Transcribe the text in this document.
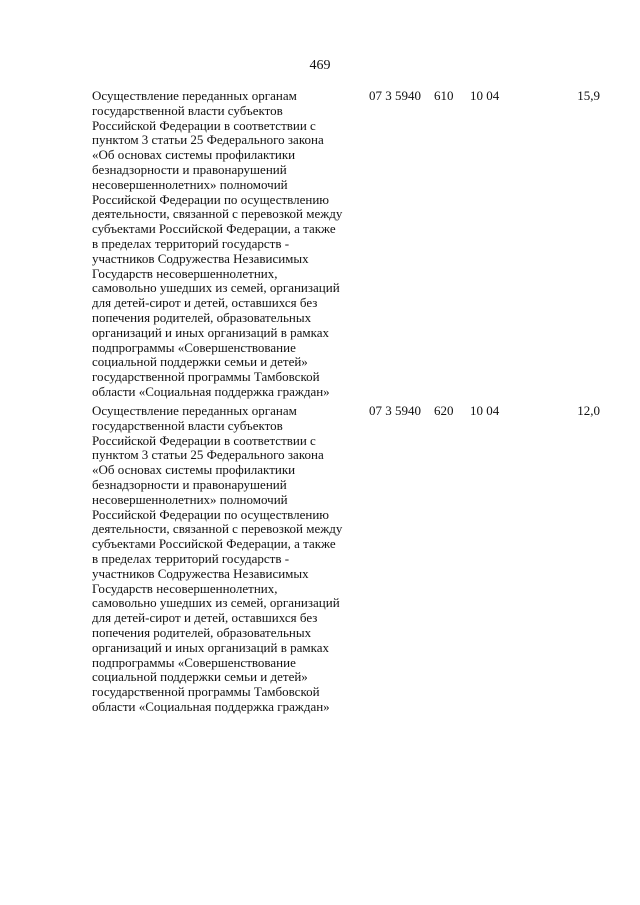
469
Осуществление переданных органам
государственной власти субъектов
Российской Федерации в соответствии с
пунктом 3 статьи 25 Федерального закона
«Об основах системы профилактики
безнадзорности и правонарушений
несовершеннолетних» полномочий
Российской Федерации по осуществлению
деятельности, связанной с перевозкой между
субъектами Российской Федерации, а также
в пределах территорий государств -
участников Содружества Независимых
Государств несовершеннолетних,
самовольно ушедших из семей, организаций
для детей-сирот и детей, оставшихся без
попечения родителей, образовательных
организаций и иных организаций в рамках
подпрограммы «Совершенствование
социальной поддержки семьи и детей»
государственной программы Тамбовской
области «Социальная поддержка граждан»
07 3 5940 610 10 04	15,9
Осуществление переданных органам
государственной власти субъектов
Российской Федерации в соответствии с
пунктом 3 статьи 25 Федерального закона
«Об основах системы профилактики
безнадзорности и правонарушений
несовершеннолетних» полномочий
Российской Федерации по осуществлению
деятельности, связанной с перевозкой между
субъектами Российской Федерации, а также
в пределах территорий государств -
участников Содружества Независимых
Государств несовершеннолетних,
самовольно ушедших из семей, организаций
для детей-сирот и детей, оставшихся без
попечения родителей, образовательных
организаций и иных организаций в рамках
подпрограммы «Совершенствование
социальной поддержки семьи и детей»
государственной программы Тамбовской
области «Социальная поддержка граждан»
07 3 5940 620 10 04	12,0
